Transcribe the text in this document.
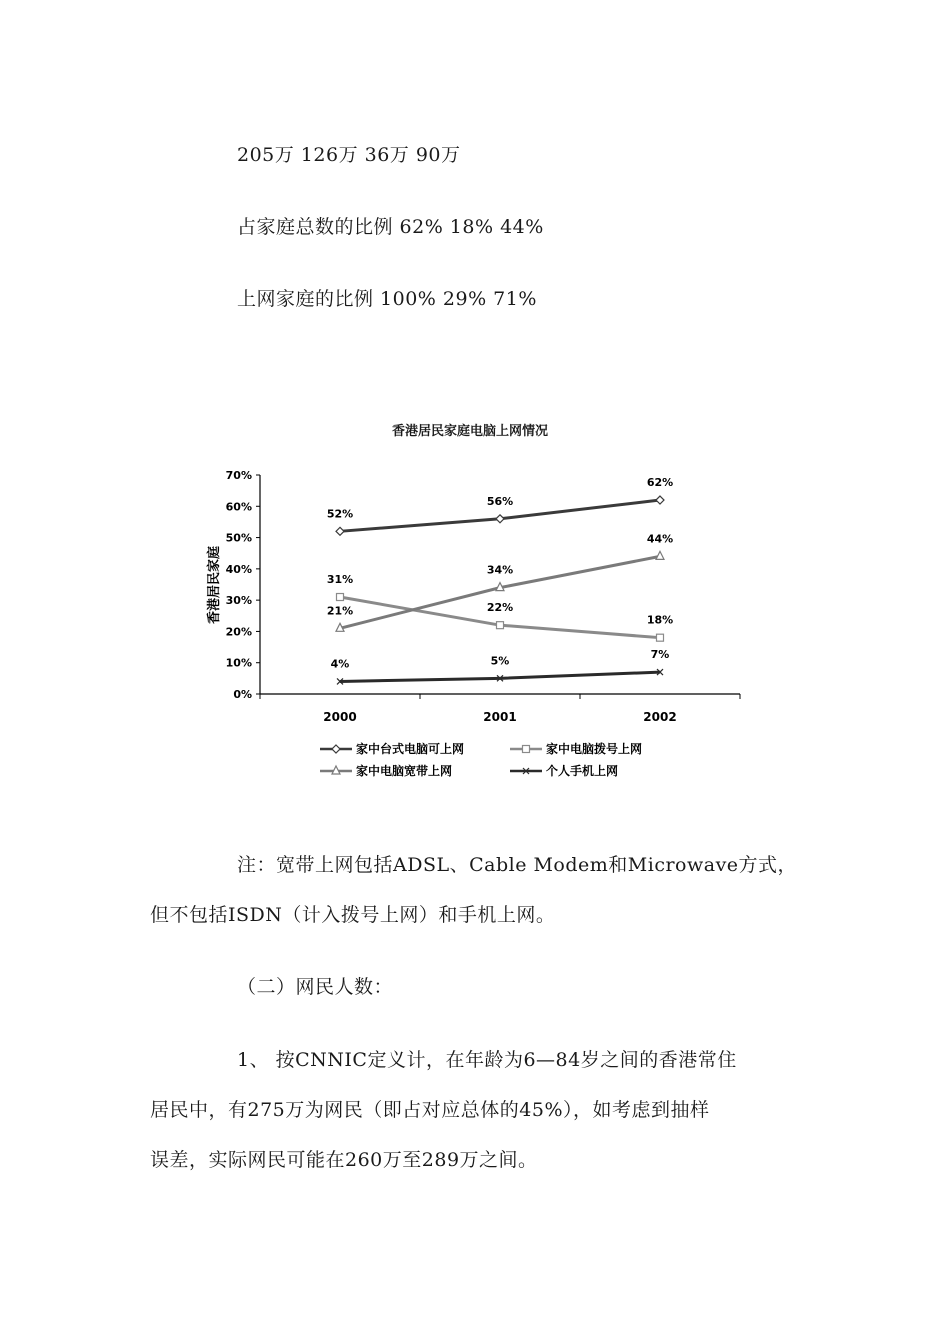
205万 126万 36万 90万
占家庭总数的比例 62% 18% 44%
上网家庭的比例 100% 29% 71%
香港居民家庭电脑上网情况
香港居民家庭
0%
10%
20%
30%
40%
50%
60%
70%
2000	2001	2002
52%
56%
62%
31%
22%
18%
21%
34%
44%
4%	5%	7%
家中台式电脑可上网	家中电脑拨号上网
家中电脑宽带上网	个人手机上网
注：宽带上网包括ADSL、Cable Modem和Microwave方式，
但不包括ISDN（计入拨号上网）和手机上网。
（二）网民人数：
1、 按CNNIC定义计，在年龄为6—84岁之间的香港常住
居民中，有275万为网民（即占对应总体的45%），如考虑到抽样
误差，实际网民可能在260万至289万之间。
